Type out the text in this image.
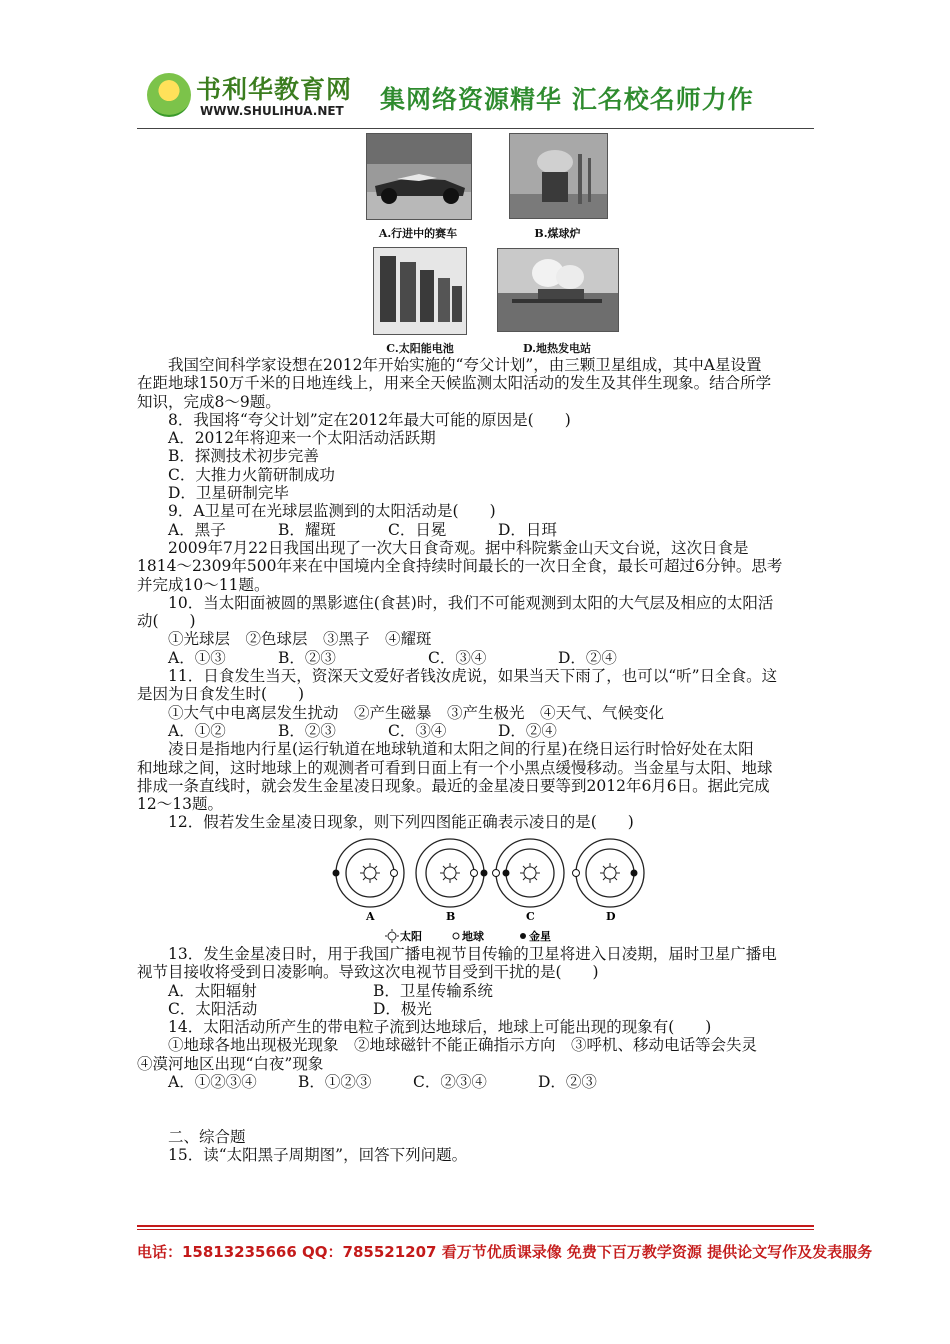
书利华教育网
WWW.SHULIHUA.NET 集网络资源精华 汇名校名师力作
A.行进中的赛车	B.煤球炉
C.太阳能电池	D.地热发电站

我国空间科学家设想在2012年开始实施的“夸父计划”，由三颗卫星组成，其中A星设置

在距地球150万千米的日地连线上，用来全天候监测太阳活动的发生及其伴生现象。结合所学

知识，完成8～9题。

8．我国将“夸父计划”定在2012年最大可能的原因是(　　)

A．2012年将迎来一个太阳活动活跃期

B．探测技术初步完善

C．大推力火箭研制成功

D．卫星研制完毕

9．A卫星可在光球层监测到的太阳活动是(　　)

A．黑子	B．耀斑	C．日冕	D．日珥

2009年7月22日我国出现了一次大日食奇观。据中科院紫金山天文台说，这次日食是

1814～2309年500年来在中国境内全食持续时间最长的一次日全食，最长可超过6分钟。思考

并完成10～11题。

10．当太阳面被圆的黑影遮住(食甚)时，我们不可能观测到太阳的大气层及相应的太阳活

动(　　)

①光球层　②色球层　③黑子　④耀斑

A．①③	B．②③	C．③④	D．②④

11．日食发生当天，资深天文爱好者钱汝虎说，如果当天下雨了，也可以“听”日全食。这

是因为日食发生时(　　)

①大气中电离层发生扰动　②产生磁暴　③产生极光　④天气、气候变化

A．①②	B．②③	C．③④	D．②④

凌日是指地内行星(运行轨道在地球轨道和太阳之间的行星)在绕日运行时恰好处在太阳

和地球之间，这时地球上的观测者可看到日面上有一个小黑点缓慢移动。当金星与太阳、地球

排成一条直线时，就会发生金星凌日现象。最近的金星凌日要等到2012年6月6日。据此完成

12～13题。

12．假若发生金星凌日现象，则下列四图能正确表示凌日的是(　　)

A	B	C	D
太阳	地球	金星

13．发生金星凌日时，用于我国广播电视节目传输的卫星将进入日凌期，届时卫星广播电

视节目接收将受到日凌影响。导致这次电视节目受到干扰的是(　　)

A．太阳辐射	B．卫星传输系统

C．太阳活动	D．极光

14．太阳活动所产生的带电粒子流到达地球后，地球上可能出现的现象有(　　)

①地球各地出现极光现象　②地球磁针不能正确指示方向　③呼机、移动电话等会失灵

④漠河地区出现“白夜”现象

A．①②③④	B．①②③	C．②③④	D．②③

二、综合题

15．读“太阳黑子周期图”，回答下列问题。

电话：15813235666 QQ：785521207 看万节优质课录像 免费下百万教学资源 提供论文写作及发表服务
